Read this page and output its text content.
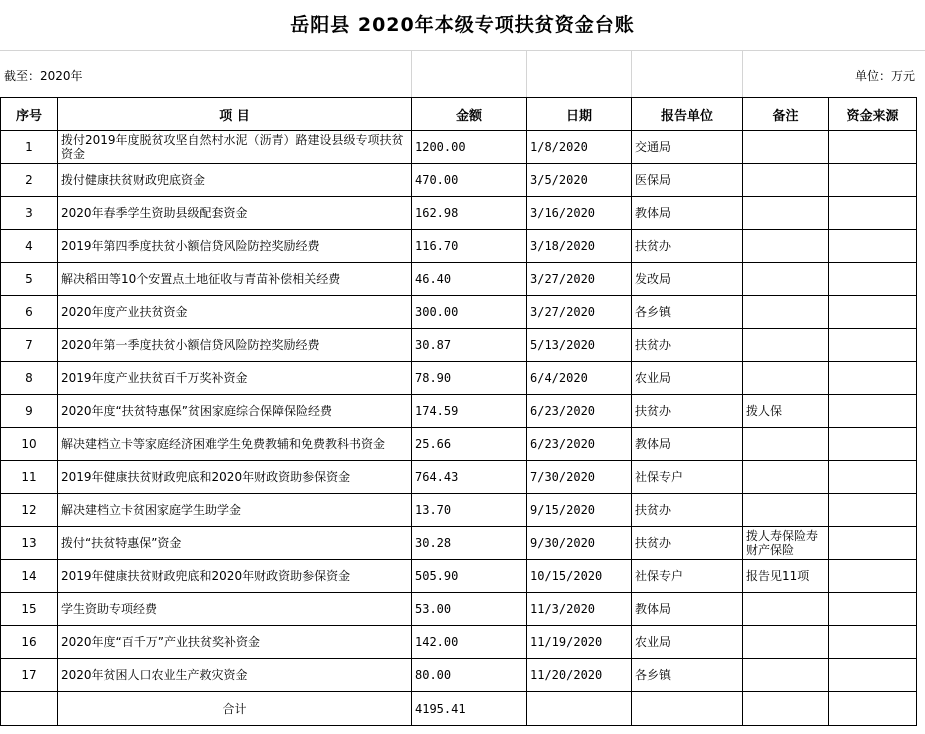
岳阳县 2020年本级专项扶贫资金台账
截至：2020年	单位：万元
序号	项 目	金额	日期	报告单位	备注	资金来源
1	拨付2019年度脱贫攻坚自然村水泥（沥青）路建设县级专项扶贫资金	1200.00	1/8/2020	交通局		
2	拨付健康扶贫财政兜底资金	470.00	3/5/2020	医保局		
3	2020年春季学生资助县级配套资金	162.98	3/16/2020	教体局		
4	2019年第四季度扶贫小额信贷风险防控奖励经费	116.70	3/18/2020	扶贫办		
5	解决稻田等10个安置点土地征收与青苗补偿相关经费	46.40	3/27/2020	发改局		
6	2020年度产业扶贫资金	300.00	3/27/2020	各乡镇		
7	2020年第一季度扶贫小额信贷风险防控奖励经费	30.87	5/13/2020	扶贫办		
8	2019年度产业扶贫百千万奖补资金	78.90	6/4/2020	农业局		
9	2020年度“扶贫特惠保”贫困家庭综合保障保险经费	174.59	6/23/2020	扶贫办	拨人保	
10	解决建档立卡等家庭经济困难学生免费教辅和免费教科书资金	25.66	6/23/2020	教体局		
11	2019年健康扶贫财政兜底和2020年财政资助参保资金	764.43	7/30/2020	社保专户		
12	解决建档立卡贫困家庭学生助学金	13.70	9/15/2020	扶贫办		
13	拨付“扶贫特惠保”资金	30.28	9/30/2020	扶贫办	拨人寿保险寿财产保险	
14	2019年健康扶贫财政兜底和2020年财政资助参保资金	505.90	10/15/2020	社保专户	报告见11项	
15	学生资助专项经费	53.00	11/3/2020	教体局		
16	2020年度“百千万”产业扶贫奖补资金	142.00	11/19/2020	农业局		
17	2020年贫困人口农业生产救灾资金	80.00	11/20/2020	各乡镇		
	合计	4195.41				
